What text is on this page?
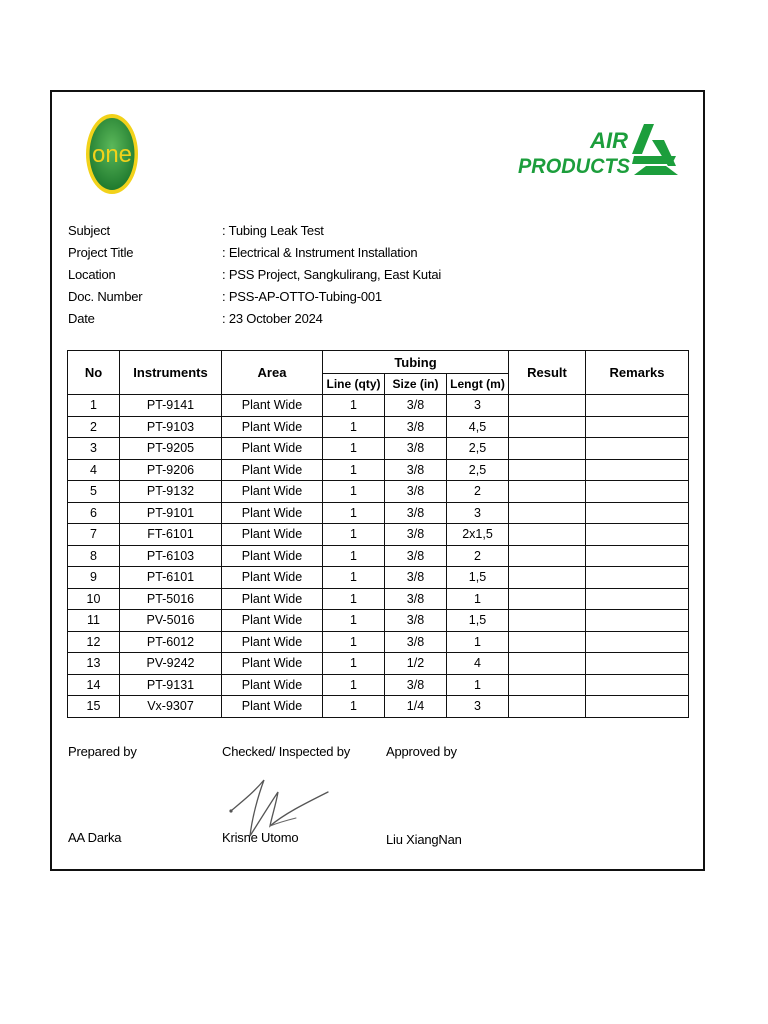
one
AIR
PRODUCTS
Subject	: Tubing Leak Test
Project Title	: Electrical & Instrument Installation
Location	: PSS Project, Sangkulirang, East Kutai
Doc. Number	: PSS-AP-OTTO-Tubing-001
Date	: 23 October 2024
No	Instruments	Area	Tubing			Result	Remarks
			Line (qty)	Size (in)	Lengt (m)		
1	PT-9141	Plant Wide	1	3/8	3		
2	PT-9103	Plant Wide	1	3/8	4,5		
3	PT-9205	Plant Wide	1	3/8	2,5		
4	PT-9206	Plant Wide	1	3/8	2,5		
5	PT-9132	Plant Wide	1	3/8	2		
6	PT-9101	Plant Wide	1	3/8	3		
7	FT-6101	Plant Wide	1	3/8	2x1,5		
8	PT-6103	Plant Wide	1	3/8	2		
9	PT-6101	Plant Wide	1	3/8	1,5		
10	PT-5016	Plant Wide	1	3/8	1		
11	PV-5016	Plant Wide	1	3/8	1,5		
12	PT-6012	Plant Wide	1	3/8	1		
13	PV-9242	Plant Wide	1	1/2	4		
14	PT-9131	Plant Wide	1	3/8	1		
15	Vx-9307	Plant Wide	1	1/4	3		
Prepared by	Checked/ Inspected by	Approved by
AA Darka	Krisne Utomo	Liu XiangNan
